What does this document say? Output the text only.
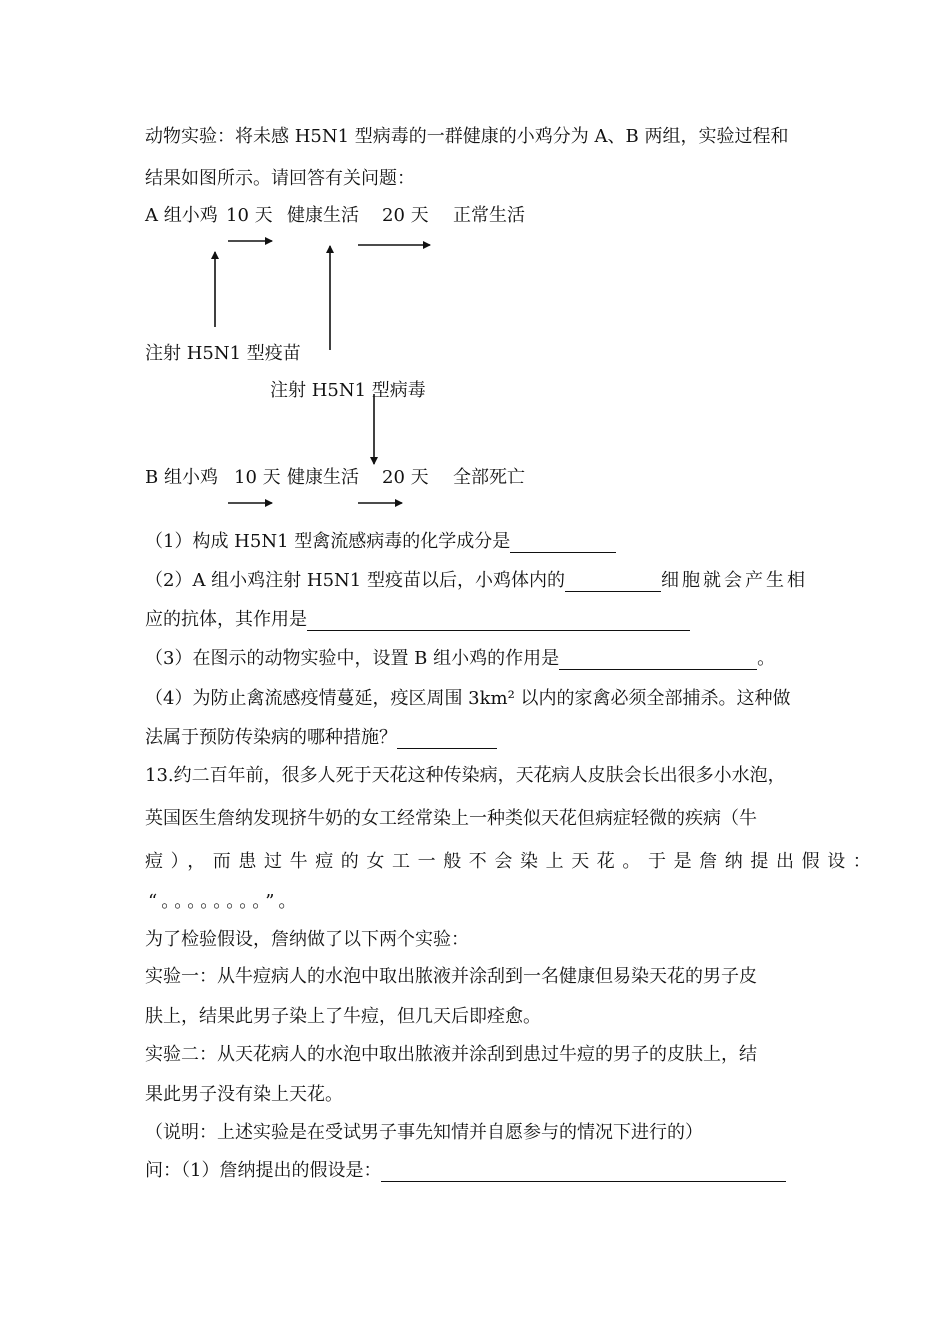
动物实验：将未感 H5N1 型病毒的一群健康的小鸡分为 A、B 两组，实验过程和
结果如图所示。请回答有关问题：
A 组小鸡 10 天 健康生活 20 天 正常生活
注射 H5N1 型疫苗
注射 H5N1 型病毒
B 组小鸡 10 天 健康生活 20 天 全部死亡
（1）构成 H5N1 型禽流感病毒的化学成分是
（2）A 组小鸡注射 H5N1 型疫苗以后，小鸡体内的	细胞就会产生相
应的抗体，其作用是
（3）在图示的动物实验中，设置 B 组小鸡的作用是	。
（4）为防止禽流感疫情蔓延，疫区周围 3km² 以内的家禽必须全部捕杀。这种做
法属于预防传染病的哪种措施？
13.约二百年前，很多人死于天花这种传染病，天花病人皮肤会长出很多小水泡，
英国医生詹纳发现挤牛奶的女工经常染上一种类似天花但病症轻微的疾病（牛
痘），而患过牛痘的女工一般不会染上天花。于是詹纳提出假设：
“。。。。。。。。”。
为了检验假设，詹纳做了以下两个实验：
实验一：从牛痘病人的水泡中取出脓液并涂刮到一名健康但易染天花的男子皮
肤上，结果此男子染上了牛痘，但几天后即痊愈。
实验二：从天花病人的水泡中取出脓液并涂刮到患过牛痘的男子的皮肤上，结
果此男子没有染上天花。
（说明：上述实验是在受试男子事先知情并自愿参与的情况下进行的）
问：（1）詹纳提出的假设是：
